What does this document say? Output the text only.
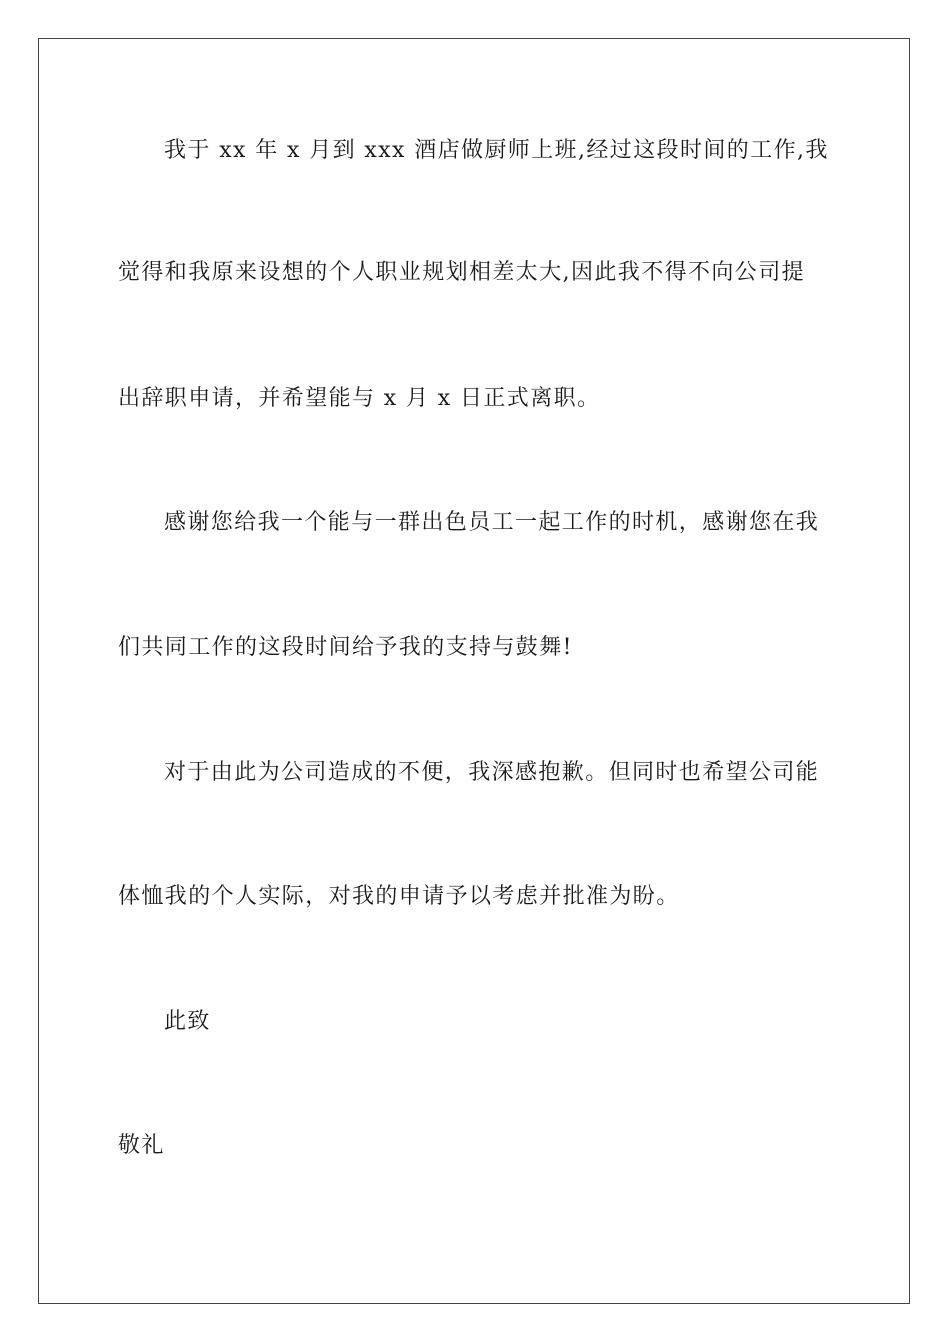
我于 xx 年 x 月到 xxx 酒店做厨师上班,经过这段时间的工作,我
觉得和我原来设想的个人职业规划相差太大,因此我不得不向公司提
出辞职申请，并希望能与 x 月 x 日正式离职。
感谢您给我一个能与一群出色员工一起工作的时机，感谢您在我
们共同工作的这段时间给予我的支持与鼓舞!
对于由此为公司造成的不便，我深感抱歉。但同时也希望公司能
体恤我的个人实际，对我的申请予以考虑并批准为盼。
此致
敬礼
